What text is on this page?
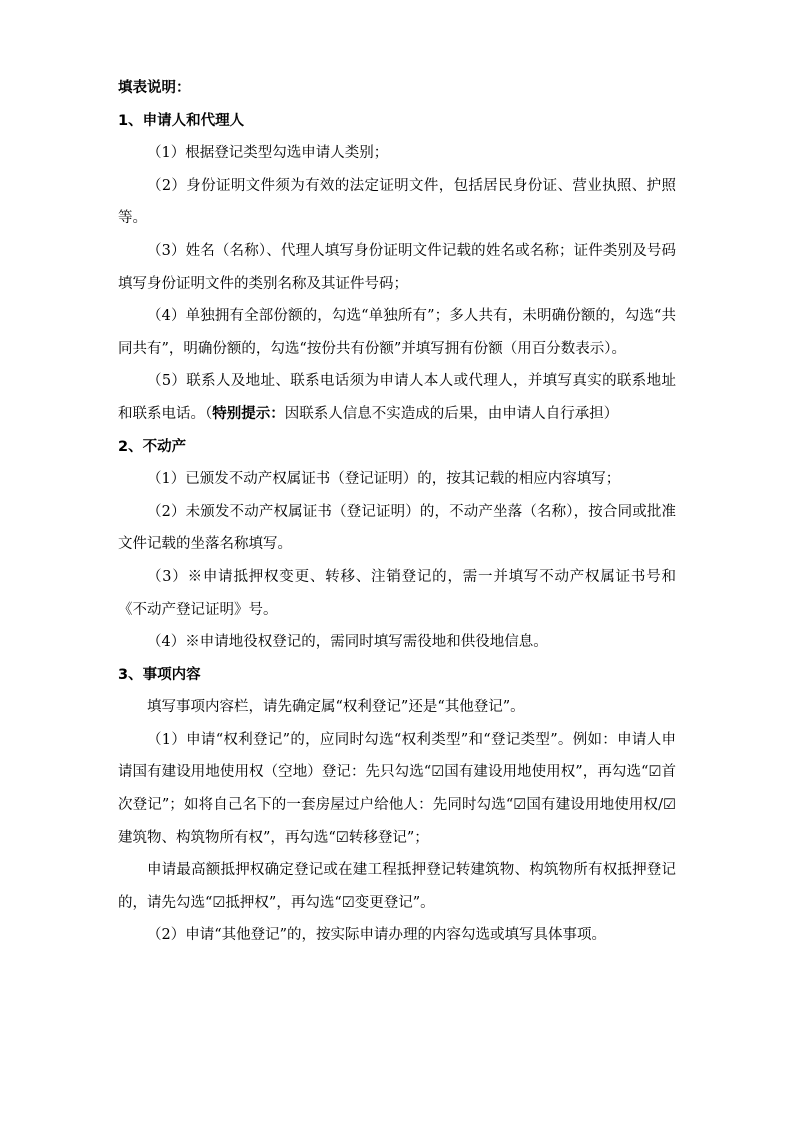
填表说明：
1、申请人和代理人

（1）根据登记类型勾选申请人类别；

（2）身份证明文件须为有效的法定证明文件，包括居民身份证、营业执照、护照等。

（3）姓名（名称）、代理人填写身份证明文件记载的姓名或名称；证件类别及号码填写身份证明文件的类别名称及其证件号码；

（4）单独拥有全部份额的，勾选“单独所有”；多人共有，未明确份额的，勾选“共同共有”，明确份额的，勾选“按份共有份额”并填写拥有份额（用百分数表示）。

（5）联系人及地址、联系电话须为申请人本人或代理人，并填写真实的联系地址和联系电话。（特别提示：因联系人信息不实造成的后果，由申请人自行承担）

2、不动产

（1）已颁发不动产权属证书（登记证明）的，按其记载的相应内容填写；

（2）未颁发不动产权属证书（登记证明）的，不动产坐落（名称），按合同或批准文件记载的坐落名称填写。

（3）※申请抵押权变更、转移、注销登记的，需一并填写不动产权属证书号和《不动产登记证明》号。

（4）※申请地役权登记的，需同时填写需役地和供役地信息。

3、事项内容

填写事项内容栏，请先确定属“权利登记”还是“其他登记”。

（1）申请“权利登记”的，应同时勾选“权利类型”和“登记类型”。例如：申请人申请国有建设用地使用权（空地）登记：先只勾选“☑国有建设用地使用权”，再勾选“☑首次登记”；如将自己名下的一套房屋过户给他人：先同时勾选“☑国有建设用地使用权/☑建筑物、构筑物所有权”，再勾选“☑转移登记”；

申请最高额抵押权确定登记或在建工程抵押登记转建筑物、构筑物所有权抵押登记的，请先勾选“☑抵押权”，再勾选“☑变更登记”。

（2）申请“其他登记”的，按实际申请办理的内容勾选或填写具体事项。
